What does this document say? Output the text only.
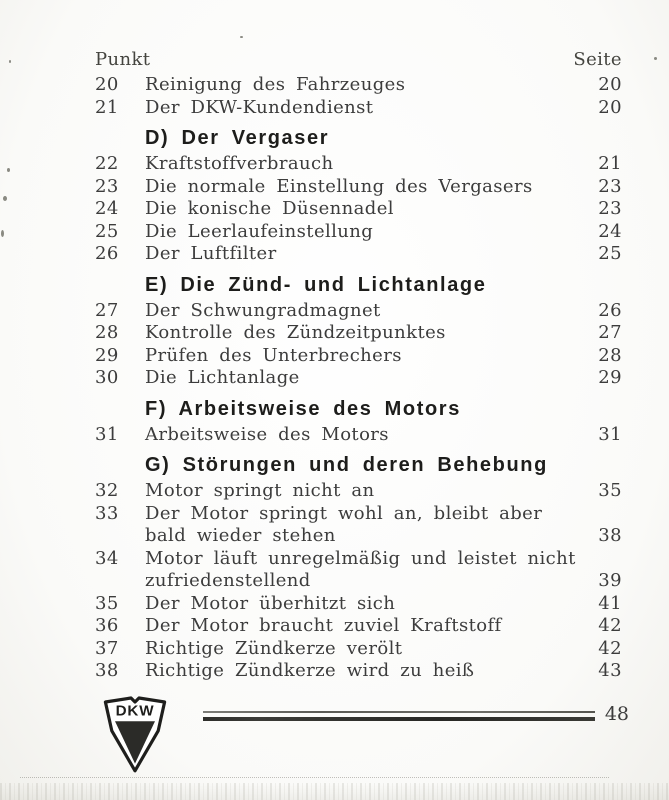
Punkt	Seite
20	Reinigung des Fahrzeuges	20
21	Der DKW-Kundendienst	20
D) Der Vergaser
22	Kraftstoffverbrauch	21
23	Die normale Einstellung des Vergasers	23
24	Die konische Düsennadel	23
25	Die Leerlaufeinstellung	24
26	Der Luftfilter	25
E) Die Zünd- und Lichtanlage
27	Der Schwungradmagnet	26
28	Kontrolle des Zündzeitpunktes	27
29	Prüfen des Unterbrechers	28
30	Die Lichtanlage	29
F) Arbeitsweise des Motors
31	Arbeitsweise des Motors	31
G) Störungen und deren Behebung
32	Motor springt nicht an	35
33	Der Motor springt wohl an, bleibt aber bald wieder stehen	38
34	Motor läuft unregelmäßig und leistet nicht zufriedenstellend	39
35	Der Motor überhitzt sich	41
36	Der Motor braucht zuviel Kraftstoff	42
37	Richtige Zündkerze verölt	42
38	Richtige Zündkerze wird zu heiß	43
DKW	48
